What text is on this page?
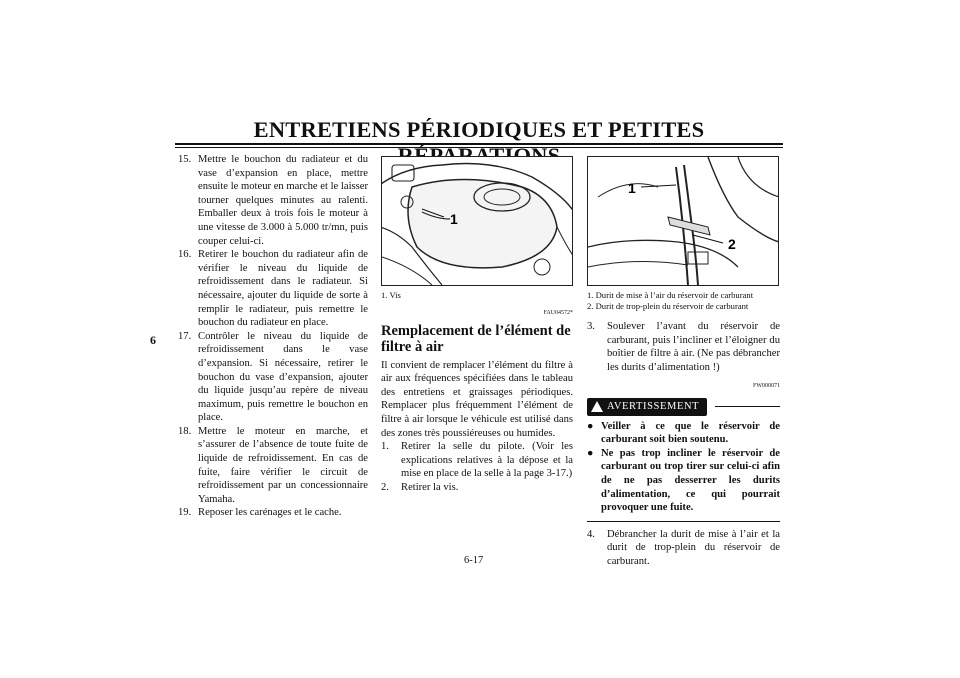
ENTRETIENS PÉRIODIQUES ET PETITES
6
15. Mettre le bouchon du radiateur et du vase d’expansion en place, mettre ensuite le moteur en marche et le laisser tourner quelques minutes au ralenti. Emballer deux à trois fois le moteur à une vitesse de 3.000 à 5.000 tr/mn, puis couper celui-ci.
16. Retirer le bouchon du radiateur afin de vérifier le niveau du liquide de refroidissement dans le radiateur. Si nécessaire, ajouter du liquide de sorte à remplir le radiateur, puis remettre le bouchon du radiateur en place.
17. Contrôler le niveau du liquide de refroidissement dans le vase d’expansion. Si nécessaire, retirer le bouchon du vase d’expansion, ajouter du liquide jusqu’au repère de niveau maximum, puis remettre le bouchon en place.
18. Mettre le moteur en marche, et s’assurer de l’absence de toute fuite de liquide de refroidissement. En cas de fuite, faire vérifier le circuit de refroidissement par un concessionnaire Yamaha.
19. Reposer les carénages et le cache.
1
1. Vis
FAU04572*
Remplacement de l’élément de filtre à air

Il convient de remplacer l’élément du filtre à air aux fréquences spécifiées dans le tableau des entretiens et graissages périodiques. Remplacer plus fréquemment l’élément de filtre à air lorsque le véhicule est utilisé dans des zones très poussiéreuses ou humides.

1. Retirer la selle du pilote. (Voir les explications relatives à la dépose et la mise en place de la selle à la page 3-17.)
2. Retirer la vis.
1
2
1. Durit de mise à l’air du réservoir de carburant
2. Durit de trop-plein du réservoir de carburant
3. Soulever l’avant du réservoir de carburant, puis l’incliner et l’éloigner du boîtier de filtre à air. (Ne pas débrancher les durits d’alimentation !)
FW000071
AVERTISSEMENT
● Veiller à ce que le réservoir de carburant soit bien soutenu.
● Ne pas trop incliner le réservoir de carburant ou trop tirer sur celui-ci afin de ne pas desserrer les durits d’alimentation, ce qui pourrait provoquer une fuite.
4. Débrancher la durit de mise à l’air et la durit de trop-plein du réservoir de carburant.
6-17
